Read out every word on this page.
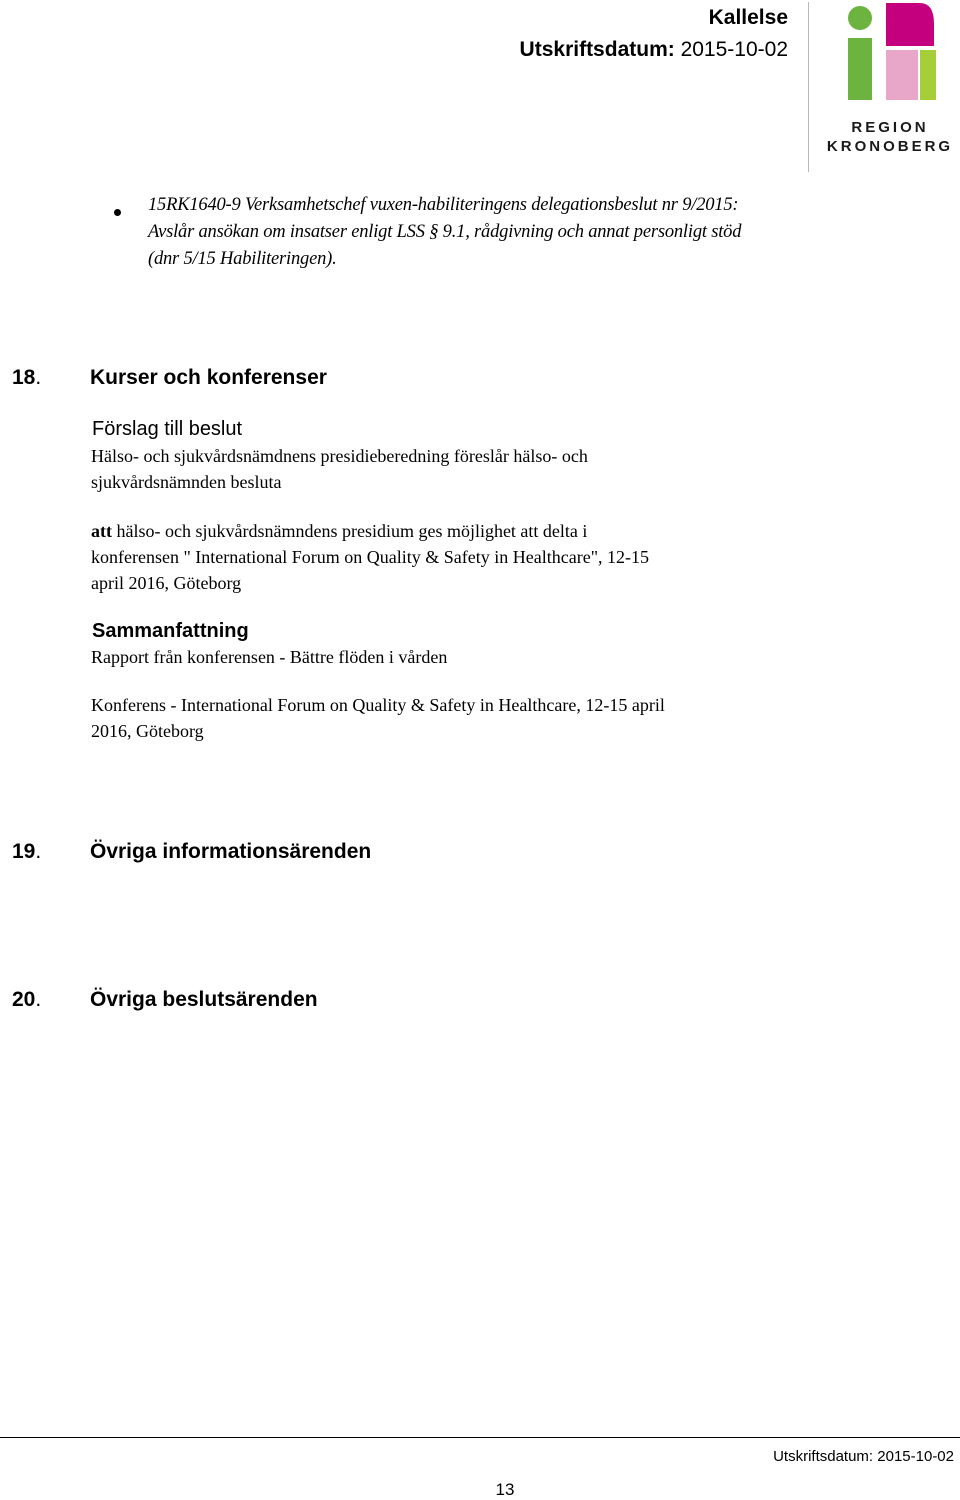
Kallelse
Utskriftsdatum: 2015-10-02
REGION
KRONOBERG
15RK1640-9 Verksamhetschef vuxen-habiliteringens delegationsbeslut nr 9/2015:
Avslår ansökan om insatser enligt LSS § 9.1, rådgivning och annat personligt stöd
(dnr 5/15 Habiliteringen).
18. Kurser och konferenser
Förslag till beslut
Hälso- och sjukvårdsnämdnens presidieberedning föreslår hälso- och
sjukvårdsnämnden besluta
att hälso- och sjukvårdsnämndens presidium ges möjlighet att delta i
konferensen " International Forum on Quality & Safety in Healthcare", 12-15
april 2016, Göteborg
Sammanfattning
Rapport från konferensen - Bättre flöden i vården
Konferens - International Forum on Quality & Safety in Healthcare, 12-15 april
2016, Göteborg
19. Övriga informationsärenden
20. Övriga beslutsärenden
Utskriftsdatum: 2015-10-02
13
